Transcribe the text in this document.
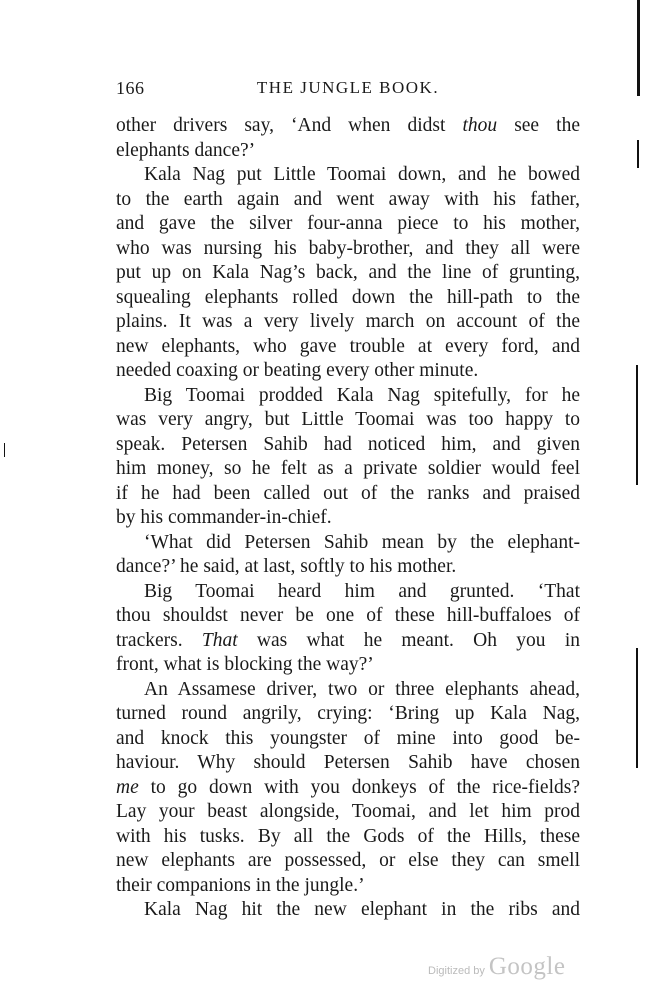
166	THE JUNGLE BOOK.
other drivers say, ‘And when didst thou see the
elephants dance?’
Kala Nag put Little Toomai down, and he bowed
to the earth again and went away with his father,
and gave the silver four-anna piece to his mother,
who was nursing his baby-brother, and they all were
put up on Kala Nag’s back, and the line of grunting,
squealing elephants rolled down the hill-path to the
plains. It was a very lively march on account of the
new elephants, who gave trouble at every ford, and
needed coaxing or beating every other minute.
Big Toomai prodded Kala Nag spitefully, for he
was very angry, but Little Toomai was too happy to
speak. Petersen Sahib had noticed him, and given
him money, so he felt as a private soldier would feel
if he had been called out of the ranks and praised
by his commander-in-chief.
‘What did Petersen Sahib mean by the elephant-
dance?’ he said, at last, softly to his mother.
Big Toomai heard him and grunted. ‘That
thou shouldst never be one of these hill-buffaloes of
trackers. That was what he meant. Oh you in
front, what is blocking the way?’
An Assamese driver, two or three elephants ahead,
turned round angrily, crying: ‘Bring up Kala Nag,
and knock this youngster of mine into good be-
haviour. Why should Petersen Sahib have chosen
me to go down with you donkeys of the rice-fields?
Lay your beast alongside, Toomai, and let him prod
with his tusks. By all the Gods of the Hills, these
new elephants are possessed, or else they can smell
their companions in the jungle.’
Kala Nag hit the new elephant in the ribs and
Digitized by Google
